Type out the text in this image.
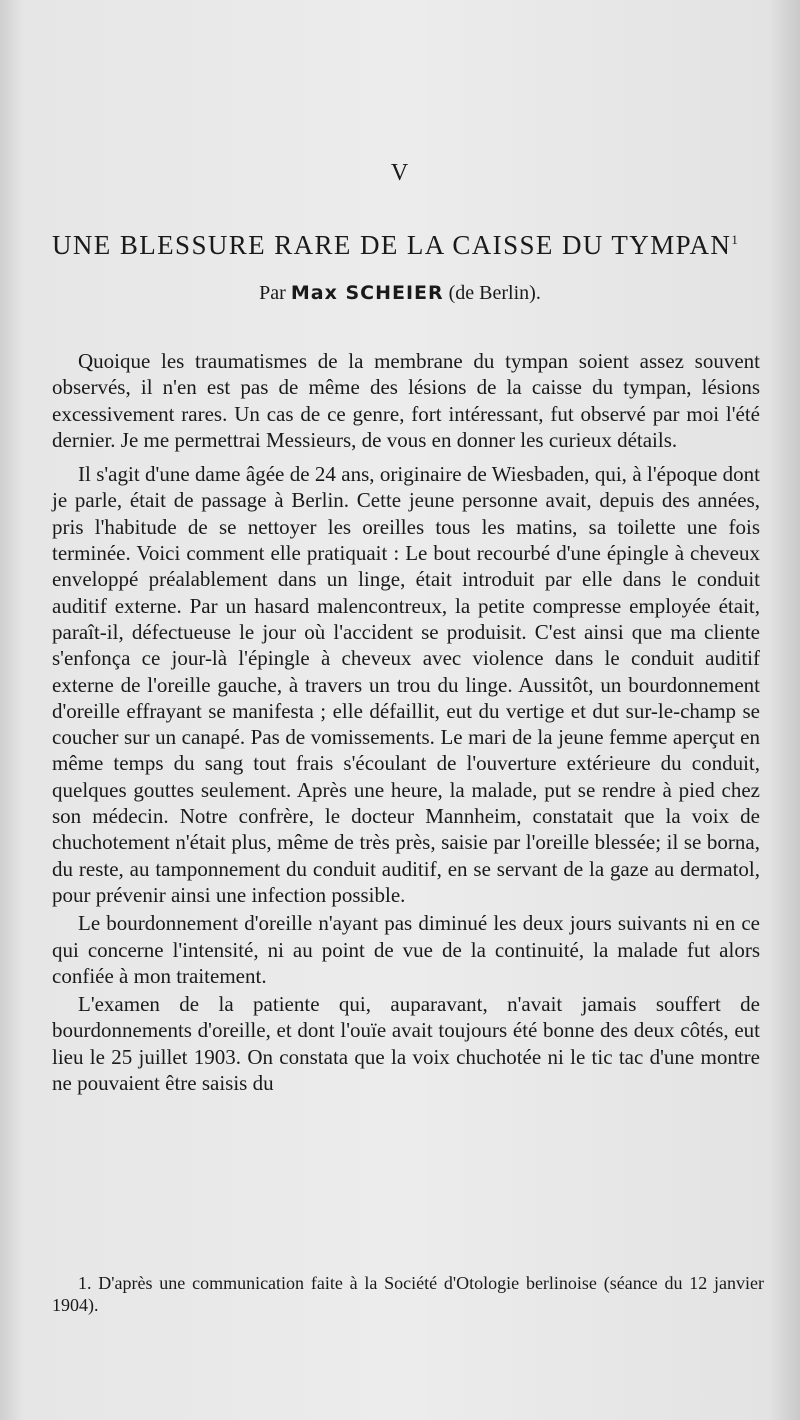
V
UNE BLESSURE RARE DE LA CAISSE DU TYMPAN$^1$
Par Max SCHEIER (de Berlin).

Quoique les traumatismes de la membrane du tympan soient assez souvent observés, il n'en est pas de même des lésions de la caisse du tympan, lésions excessivement rares. Un cas de ce genre, fort intéressant, fut observé par moi l'été dernier. Je me permettrai Messieurs, de vous en donner les curieux détails.

Il s'agit d'une dame âgée de 24 ans, originaire de Wiesbaden, qui, à l'époque dont je parle, était de passage à Berlin. Cette jeune personne avait, depuis des années, pris l'habitude de se nettoyer les oreilles tous les matins, sa toilette une fois terminée. Voici comment elle pratiquait : Le bout recourbé d'une épingle à cheveux enveloppé préalablement dans un linge, était introduit par elle dans le conduit auditif externe. Par un hasard malencontreux, la petite compresse employée était, paraît-il, défectueuse le jour où l'accident se produisit. C'est ainsi que ma cliente s'enfonça ce jour-là l'épingle à cheveux avec violence dans le conduit auditif externe de l'oreille gauche, à travers un trou du linge. Aussitôt, un bourdonnement d'oreille effrayant se manifesta ; elle défaillit, eut du vertige et dut sur-le-champ se coucher sur un canapé. Pas de vomissements. Le mari de la jeune femme aperçut en même temps du sang tout frais s'écoulant de l'ouverture extérieure du conduit, quelques gouttes seulement. Après une heure, la malade, put se rendre à pied chez son médecin. Notre confrère, le docteur Mannheim, constatait que la voix de chuchotement n'était plus, même de très près, saisie par l'oreille blessée; il se borna, du reste, au tamponnement du conduit auditif, en se servant de la gaze au dermatol, pour prévenir ainsi une infection possible.

Le bourdonnement d'oreille n'ayant pas diminué les deux jours suivants ni en ce qui concerne l'intensité, ni au point de vue de la continuité, la malade fut alors confiée à mon traitement.

L'examen de la patiente qui, auparavant, n'avait jamais souffert de bourdonnements d'oreille, et dont l'ouïe avait toujours été bonne des deux côtés, eut lieu le 25 juillet 1903. On constata que la voix chuchotée ni le tic tac d'une montre ne pouvaient être saisis du

1. D'après une communication faite à la Société d'Otologie berlinoise (séance du 12 janvier 1904).
